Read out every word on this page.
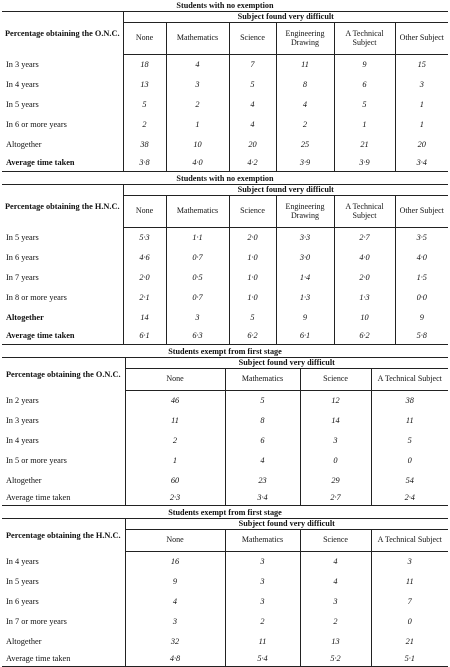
Students with no exemption
Percentage obtaining the O.N.C.	Subject found very difficult					
	None	Mathematics	Science	Engineering Drawing	A Technical Subject	Other Subject
In 3 years	18	4	7	11	9	15
In 4 years	13	3	5	8	6	3
In 5 years	5	2	4	4	5	1
In 6 or more years	2	1	4	2	1	1
Altogether	38	10	20	25	21	20
Average time taken	3·8	4·0	4·2	3·9	3·9	3·4
Students with no exemption
Percentage obtaining the H.N.C.	Subject found very difficult					
	None	Mathematics	Science	Engineering Drawing	A Technical Subject	Other Subject
In 5 years	5·3	1·1	2·0	3·3	2·7	3·5
In 6 years	4·6	0·7	1·0	3·0	4·0	4·0
In 7 years	2·0	0·5	1·0	1·4	2·0	1·5
In 8 or more years	2·1	0·7	1·0	1·3	1·3	0·0
Altogether	14	3	5	9	10	9
Average time taken	6·1	6·3	6·2	6·1	6·2	5·8
Students exempt from first stage
Percentage obtaining the O.N.C.	Subject found very difficult			
	None	Mathematics	Science	A Technical Subject
In 2 years	46	5	12	38
In 3 years	11	8	14	11
In 4 years	2	6	3	5
In 5 or more years	1	4	0	0
Altogether	60	23	29	54
Average time taken	2·3	3·4	2·7	2·4
Students exempt from first stage
Percentage obtaining the H.N.C.	Subject found very difficult			
	None	Mathematics	Science	A Technical Subject
In 4 years	16	3	4	3
In 5 years	9	3	4	11
In 6 years	4	3	3	7
In 7 or more years	3	2	2	0
Altogether	32	11	13	21
Average time taken	4·8	5·4	5·2	5·1
